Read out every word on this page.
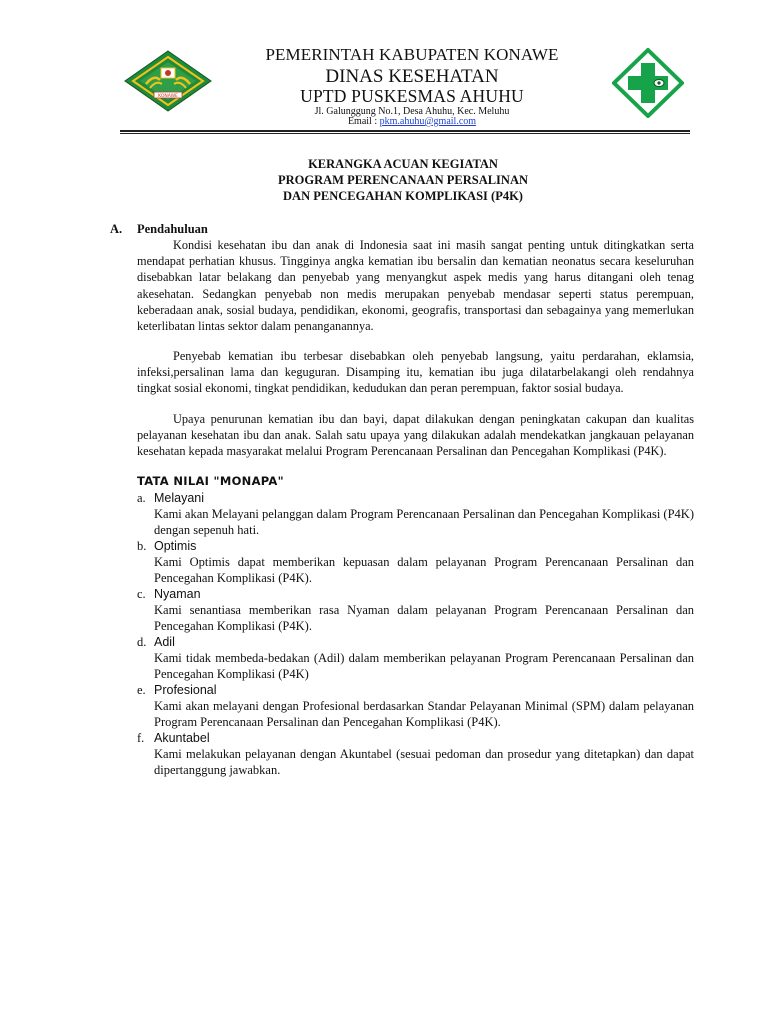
KONAWE
PEMERINTAH KABUPATEN KONAWE
DINAS KESEHATAN
UPTD PUSKESMAS AHUHU
Jl. Galunggung No.1, Desa Ahuhu, Kec. Meluhu
Email : pkm.ahuhu@gmail.com
KERANGKA ACUAN KEGIATAN
PROGRAM PERENCANAAN PERSALINAN
DAN PENCEGAHAN KOMPLIKASI (P4K)
A. Pendahuluan

Kondisi kesehatan ibu dan anak di Indonesia saat ini masih sangat penting untuk ditingkatkan serta mendapat perhatian khusus. Tingginya angka kematian ibu bersalin dan kematian neonatus secara keseluruhan disebabkan latar belakang dan penyebab yang menyangkut aspek medis yang harus ditangani oleh tenag akesehatan. Sedangkan penyebab non medis merupakan penyebab mendasar seperti status perempuan, keberadaan anak, sosial budaya, pendidikan, ekonomi, geografis, transportasi dan sebagainya yang memerlukan keterlibatan lintas sektor dalam penanganannya.

Penyebab kematian ibu terbesar disebabkan oleh penyebab langsung, yaitu perdarahan, eklamsia, infeksi,persalinan lama dan keguguran. Disamping itu, kematian ibu juga dilatarbelakangi oleh rendahnya tingkat sosial ekonomi, tingkat pendidikan, kedudukan dan peran perempuan, faktor sosial budaya.

Upaya penurunan kematian ibu dan bayi, dapat dilakukan dengan peningkatan cakupan dan kualitas pelayanan kesehatan ibu dan anak. Salah satu upaya yang dilakukan adalah mendekatkan jangkauan pelayanan kesehatan kepada masyarakat melalui Program Perencanaan Persalinan dan Pencegahan Komplikasi (P4K).

TATA NILAI "MONAPA"
a. Melayani

Kami akan Melayani pelanggan dalam Program Perencanaan Persalinan dan Pencegahan Komplikasi (P4K) dengan sepenuh hati.

b. Optimis

Kami Optimis dapat memberikan kepuasan dalam pelayanan Program Perencanaan Persalinan dan Pencegahan Komplikasi (P4K).

c. Nyaman

Kami senantiasa memberikan rasa Nyaman dalam pelayanan Program Perencanaan Persalinan dan Pencegahan Komplikasi (P4K).

d. Adil

Kami tidak membeda-bedakan (Adil) dalam memberikan pelayanan Program Perencanaan Persalinan dan Pencegahan Komplikasi (P4K)

e. Profesional

Kami akan melayani dengan Profesional berdasarkan Standar Pelayanan Minimal (SPM) dalam pelayanan Program Perencanaan Persalinan dan Pencegahan Komplikasi (P4K).

f. Akuntabel

Kami melakukan pelayanan dengan Akuntabel (sesuai pedoman dan prosedur yang ditetapkan) dan dapat dipertanggung jawabkan.
